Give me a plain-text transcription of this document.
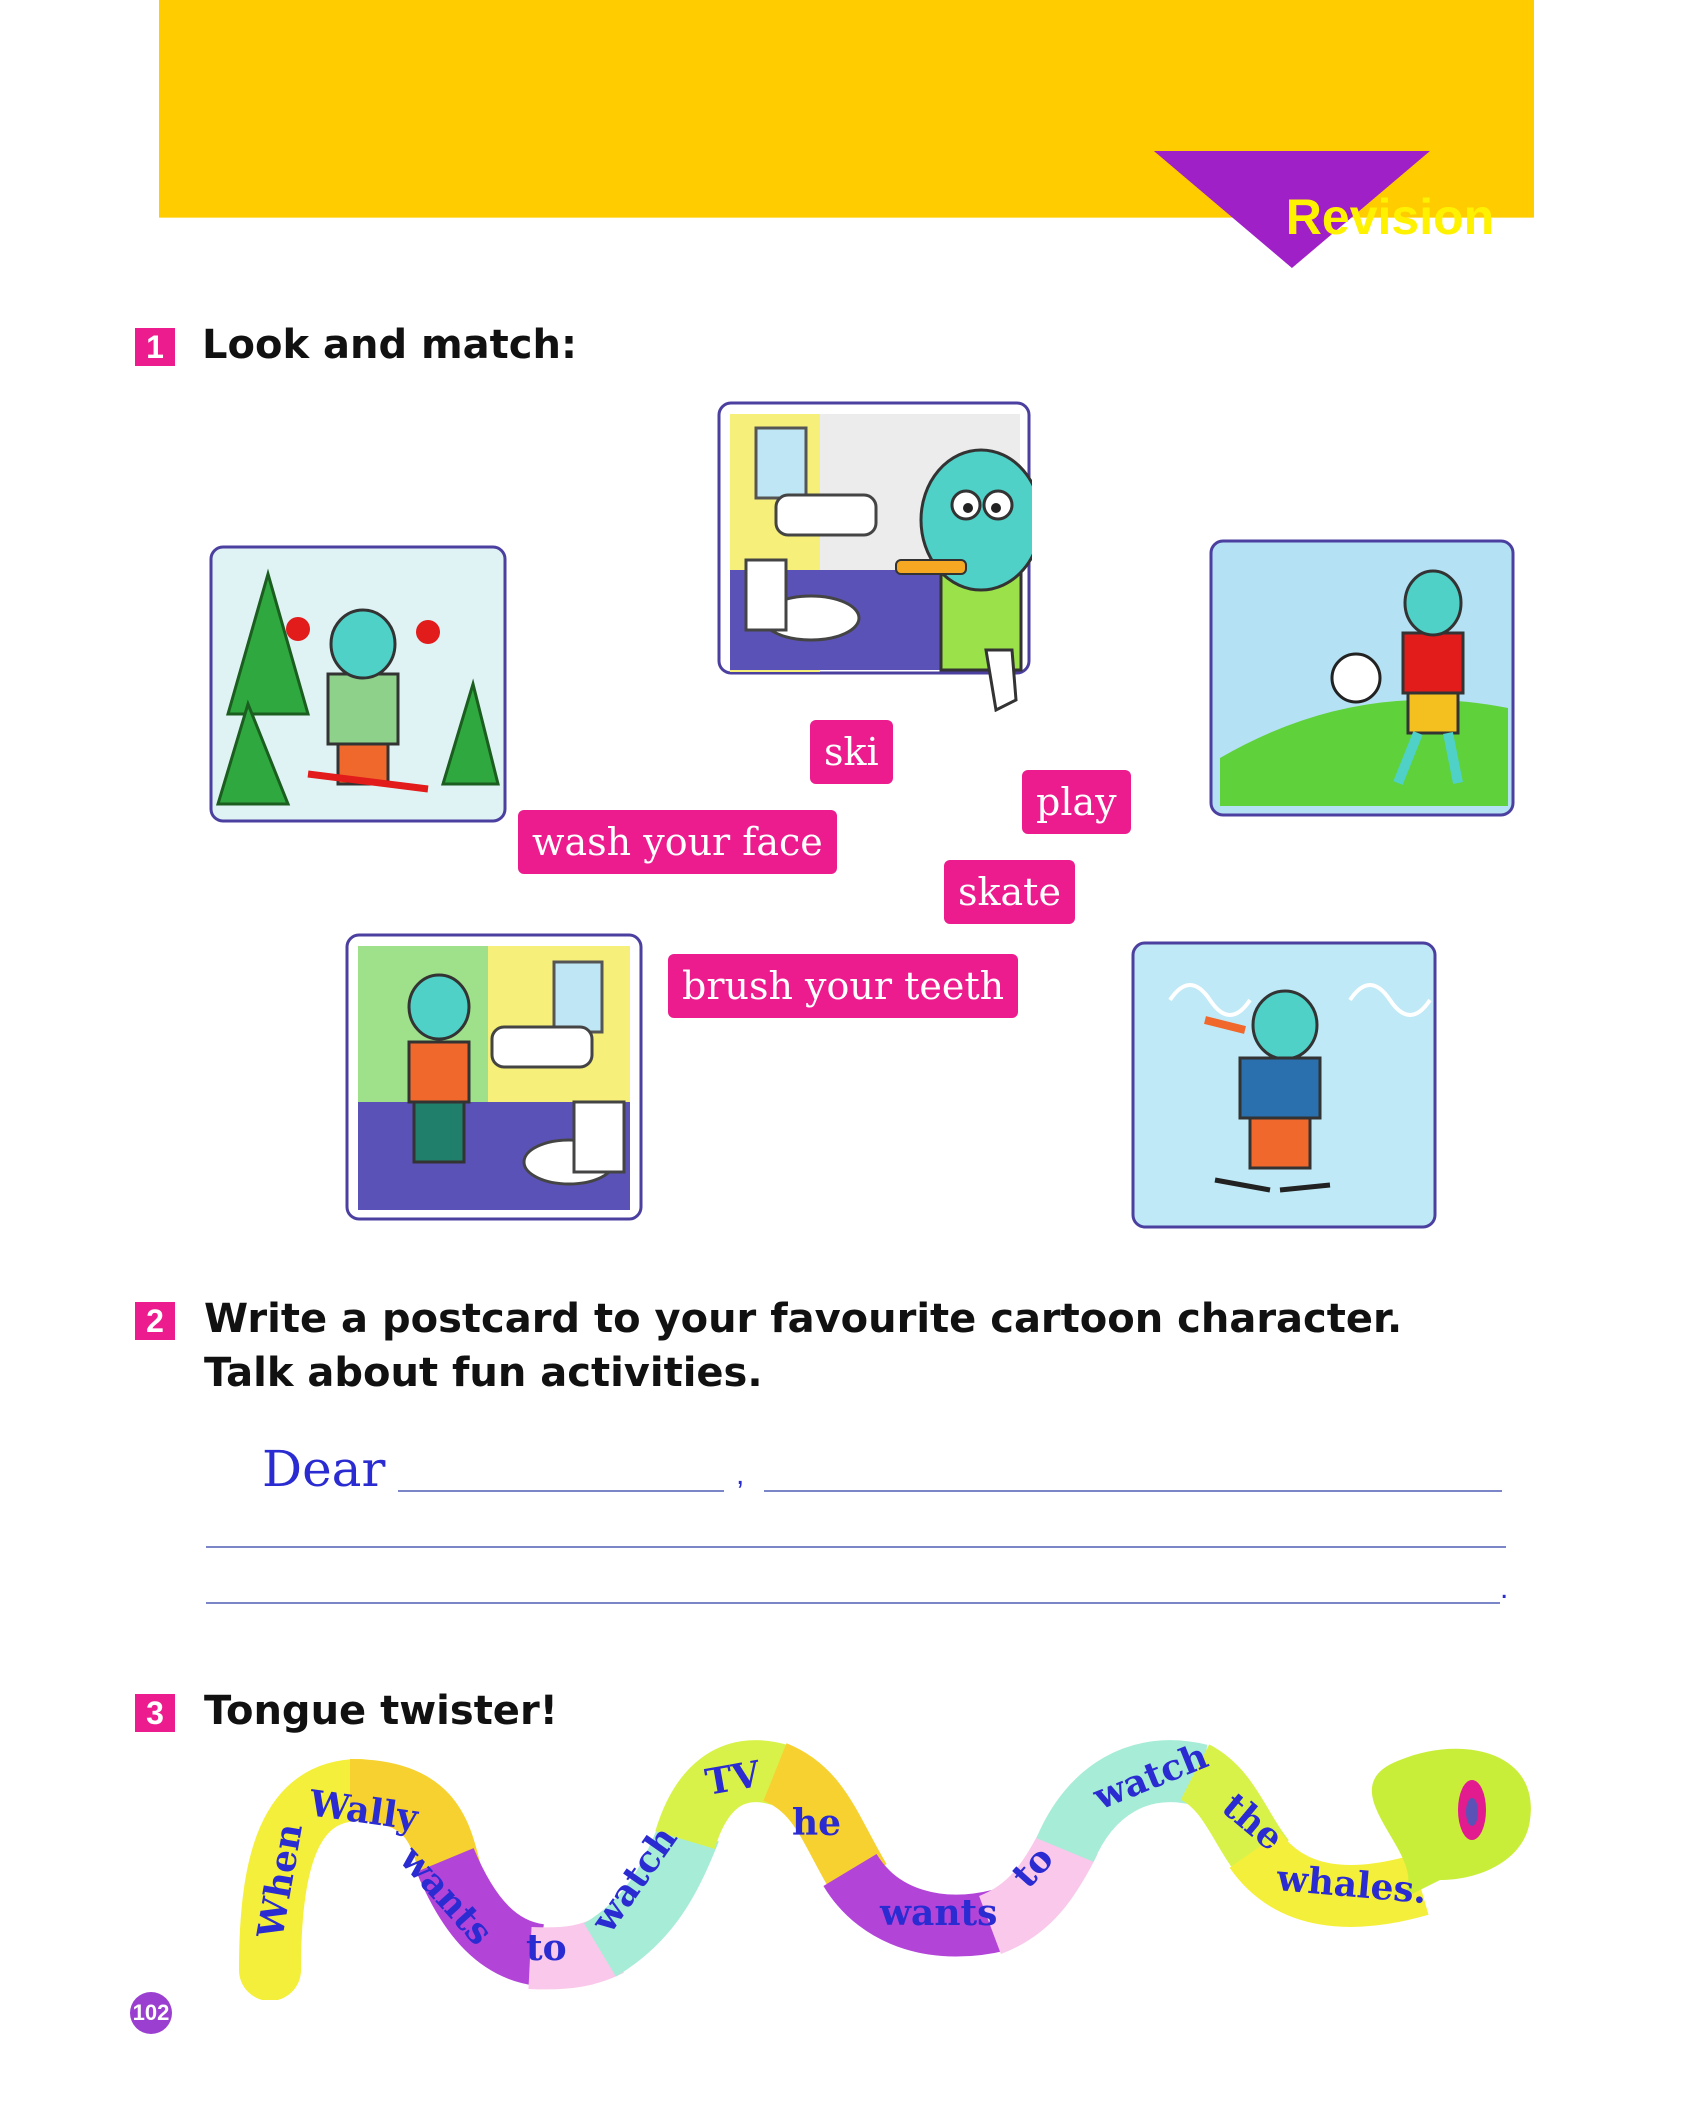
Revision
1 Look and match:
ski
play
wash your face
skate
brush your teeth
2 Write a postcard to your favourite cartoon character.
Talk about fun activities.
Dear	,
.
3 Tongue twister!
When
Wally
wants to
watch
TV
he
wants
to
watch
the
whales.
102
